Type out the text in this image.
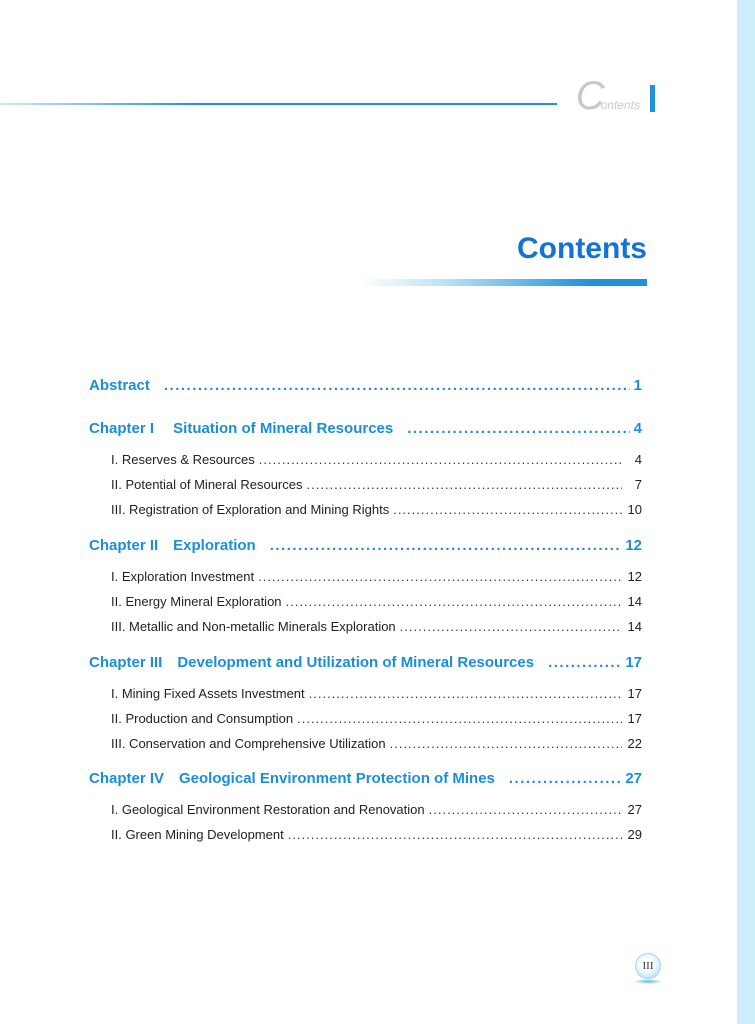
Contents
Contents
Abstract .....	1
Chapter I  Situation of Mineral Resources .....	4
I. Reserves & Resources .....	4
II. Potential of Mineral Resources .....	7
III. Registration of Exploration and Mining Rights .....	10
Chapter II Exploration .....	12
I. Exploration Investment .....	12
II. Energy Mineral Exploration .....	14
III. Metallic and Non-metallic Minerals Exploration .....	14
Chapter III Development and Utilization of Mineral Resources .....	17
I. Mining Fixed Assets Investment .....	17
II. Production and Consumption .....	17
III. Conservation and Comprehensive Utilization .....	22
Chapter IV Geological Environment Protection of Mines .....	27
I. Geological Environment Restoration and Renovation .....	27
II. Green Mining Development .....	29
III
